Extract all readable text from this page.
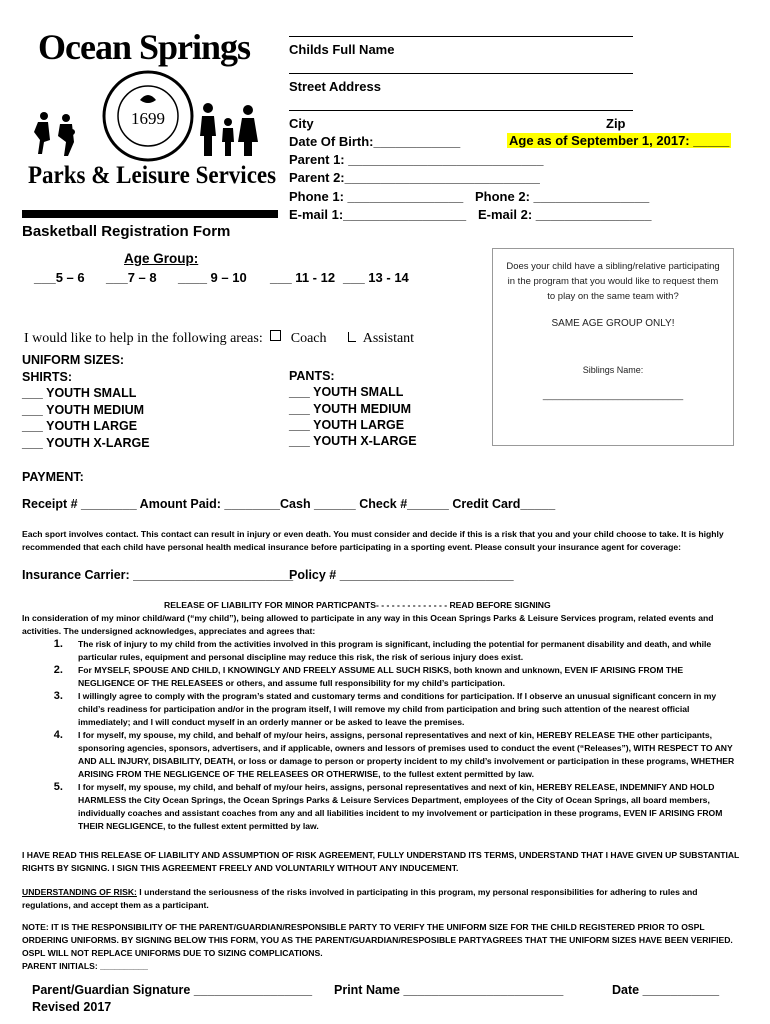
Ocean Springs
1699
Parks & Leisure Services
Childs Full Name
Street Address
City	Zip
Date Of Birth:____________	Age as of September 1, 2017: _____
Parent 1: ___________________________
Parent 2:___________________________
Phone 1: ________________ Phone 2: ________________
E-mail 1:_________________ E-mail 2: ________________
Basketball Registration Form
Age Group:
___5 – 6 ___7 – 8 ____ 9 – 10 ___ 11 - 12 ___ 13 - 14
Does your child have a sibling/relative participating in the program that you would like to request them to play on the same team with?
SAME AGE GROUP ONLY!
Siblings Name:
____________________________
I would like to help in the following areas: Coach	Assistant
UNIFORM SIZES:
SHIRTS:
___ YOUTH SMALL
___ YOUTH MEDIUM
___ YOUTH LARGE
___ YOUTH X-LARGE
PANTS:
___ YOUTH SMALL
___ YOUTH MEDIUM
___ YOUTH LARGE
___ YOUTH X-LARGE
PAYMENT:
Receipt # ________ Amount Paid: ________Cash ______ Check #______ Credit Card_____
Each sport involves contact. This contact can result in injury or even death. You must consider and decide if this is a risk that you and your child choose to take. It is highly recommended that each child have personal health medical insurance before participating in a sporting event. Please consult your insurance agent for coverage:
Insurance Carrier: _______________________
Policy # _________________________
RELEASE OF LIABILITY FOR MINOR PARTICPANTS- - - - - - - - - - - - - - READ BEFORE SIGNING
In consideration of my minor child/ward (“my child”), being allowed to participate in any way in this Ocean Springs Parks & Leisure Services program, related events and activities. The undersigned acknowledges, appreciates and agrees that:
1. The risk of injury to my child from the activities involved in this program is significant, including the potential for permanent disability and death, and while particular rules, equipment and personal discipline may reduce this risk, the risk of serious injury does exist.
2. For MYSELF, SPOUSE AND CHILD, I KNOWINGLY AND FREELY ASSUME ALL SUCH RISKS, both known and unknown, EVEN IF ARISING FROM THE NEGLIGENCE OF THE RELEASEES or others, and assume full responsibility for my child’s participation.
3. I willingly agree to comply with the program’s stated and customary terms and conditions for participation. If I observe an unusual significant concern in my child’s readiness for participation and/or in the program itself, I will remove my child from participation and bring such attention of the nearest official immediately; and I will conduct myself in an orderly manner or be asked to leave the premises.
4. I for myself, my spouse, my child, and behalf of my/our heirs, assigns, personal representatives and next of kin, HEREBY RELEASE THE other participants, sponsoring agencies, sponsors, advertisers, and if applicable, owners and lessors of premises used to conduct the event (“Releases”), WITH RESPECT TO ANY AND ALL INJURY, DISABILITY, DEATH, or loss or damage to person or property incident to my child’s involvement or participation in these programs, WHETHER ARISING FROM THE NEGLIGENCE OF THE RELEASEES OR OTHERWISE, to the fullest extent permitted by law.
5. I for myself, my spouse, my child, and behalf of my/our heirs, assigns, personal representatives and next of kin, HEREBY RELEASE, INDEMNIFY AND HOLD HARMLESS the City Ocean Springs, the Ocean Springs Parks & Leisure Services Department, employees of the City of Ocean Springs, all board members, individually coaches and assistant coaches from any and all liabilities incident to my involvement or participation in these programs, EVEN IF ARISING FROM THEIR NEGLIGENCE, to the fullest extent permitted by law.
I HAVE READ THIS RELEASE OF LIABILITY AND ASSUMPTION OF RISK AGREEMENT, FULLY UNDERSTAND ITS TERMS, UNDERSTAND THAT I HAVE GIVEN UP SUBSTANTIAL RIGHTS BY SIGNING. I SIGN THIS AGREEMENT FREELY AND VOLUNTARILY WITHOUT ANY INDUCEMENT.
UNDERSTANDING OF RISK: I understand the seriousness of the risks involved in participating in this program, my personal responsibilities for adhering to rules and regulations, and accept them as a participant.
NOTE: IT IS THE RESPONSIBILITY OF THE PARENT/GUARDIAN/RESPONSIBLE PARTY TO VERIFY THE UNIFORM SIZE FOR THE CHILD REGISTERED PRIOR TO OSPL ORDERING UNIFORMS. BY SIGNING BELOW THIS FORM, YOU AS THE PARENT/GUARDIAN/RESPOSIBLE PARTYAGREES THAT THE UNIFORM SIZES HAVE BEEN VERIFIED. OSPL WILL NOT REPLACE UNIFORMS DUE TO SIZING COMPLICATIONS.
PARENT INITIALS: __________
Parent/Guardian Signature _________________ Print Name _______________________	Date ___________
Revised 2017
